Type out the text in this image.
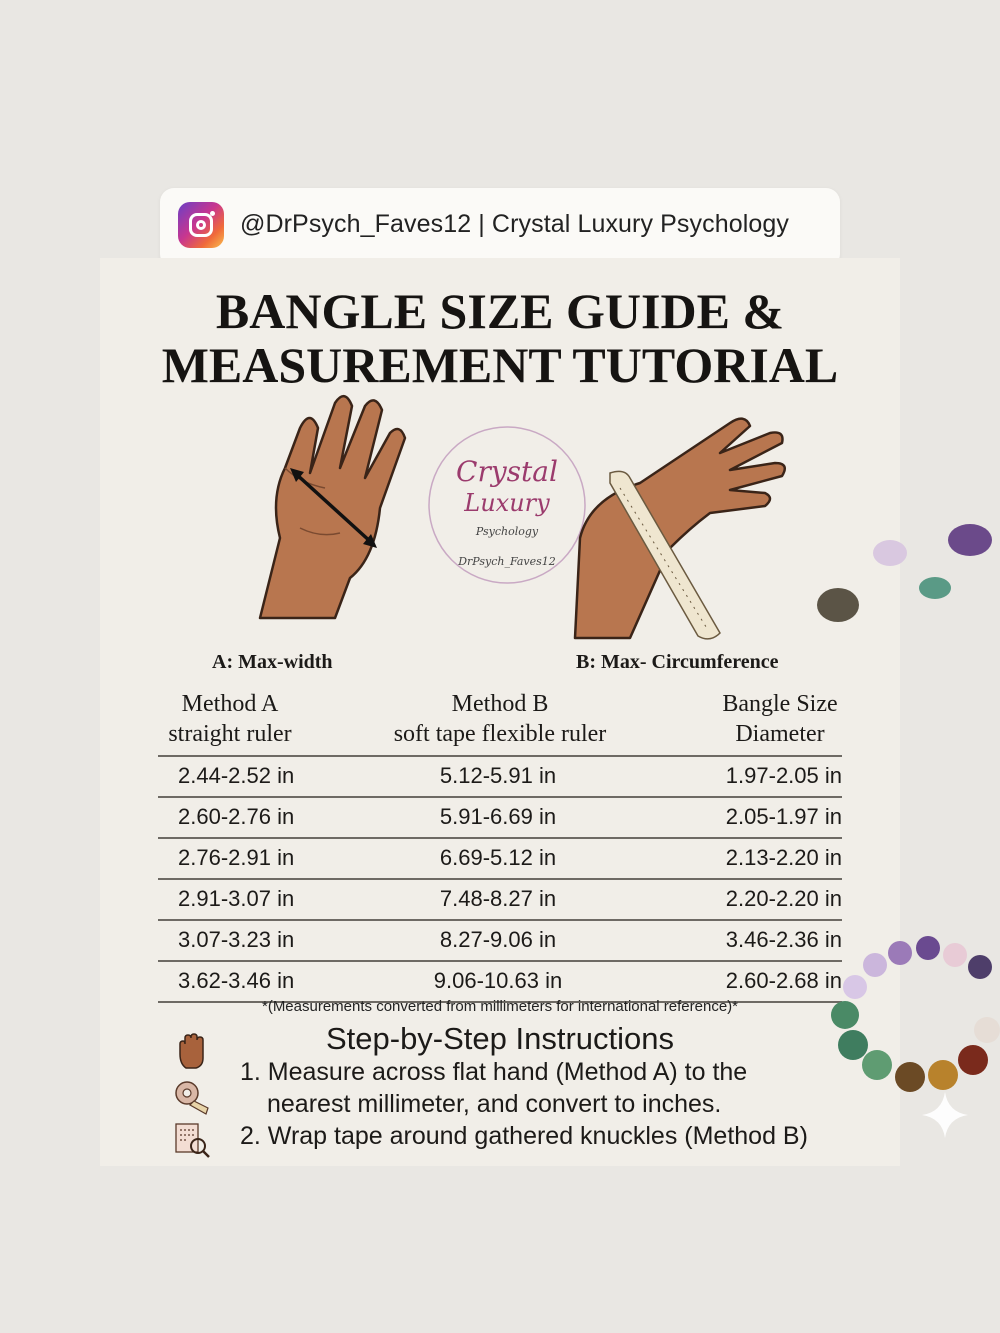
@DrPsych_Faves12 | Crystal Luxury Psychology
BANGLE SIZE GUIDE &
MEASUREMENT TUTORIAL
Crystal
Luxury
Psychology
DrPsych_Faves12
A: Max-width	B: Max- Circumference
Method A
straight ruler
Method B
soft tape flexible ruler
Bangle Size
Diameter
2.44-2.52 in	5.12-5.91 in	1.97-2.05 in
2.60-2.76 in	5.91-6.69 in	2.05-1.97 in
2.76-2.91 in	6.69-5.12 in	2.13-2.20 in
2.91-3.07 in	7.48-8.27 in	2.20-2.20 in
3.07-3.23 in	8.27-9.06 in	3.46-2.36 in
3.62-3.46 in	9.06-10.63 in	2.60-2.68 in
*(Measurements converted from millimeters for international reference)*
Step-by-Step Instructions
1. Measure across flat hand (Method A) to the
nearest millimeter, and convert to inches.
2. Wrap tape around gathered knuckles (Method B)
